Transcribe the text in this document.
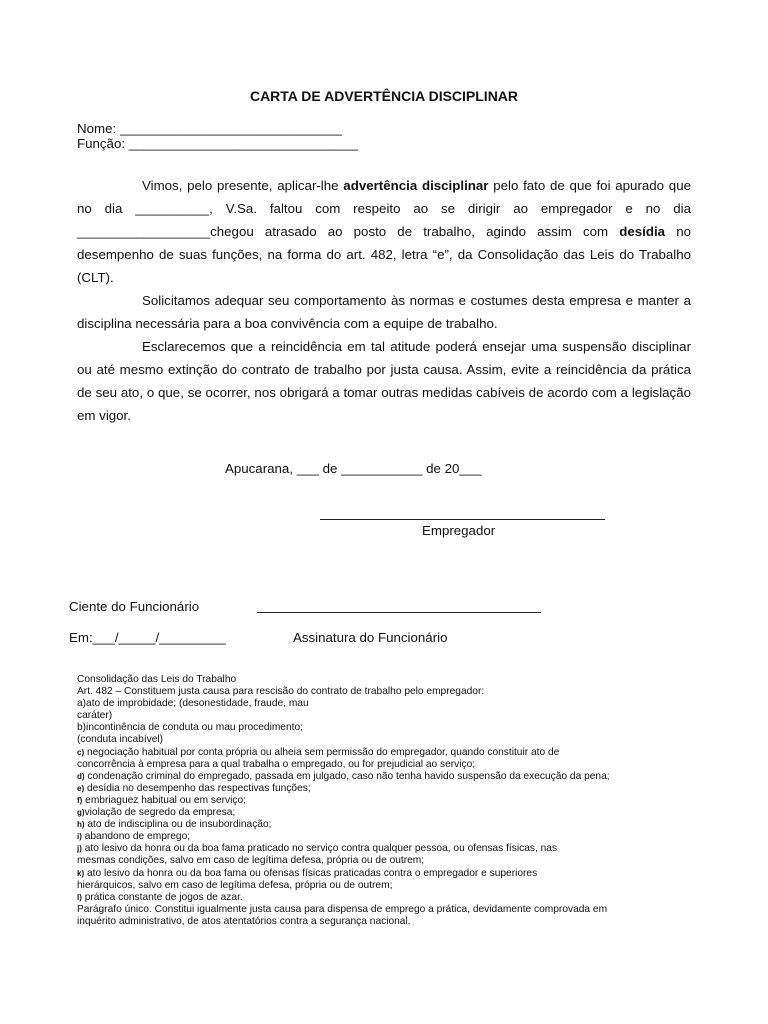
CARTA DE ADVERTÊNCIA DISCIPLINAR
Nome: ______________________________
Função: _______________________________

Vimos, pelo presente, aplicar-lhe advertência disciplinar pelo fato de que foi apurado que no dia __________, V.Sa. faltou com respeito ao se dirigir ao empregador e no dia __________________chegou atrasado ao posto de trabalho, agindo assim com desídia no desempenho de suas funções, na forma do art. 482, letra “e”, da Consolidação das Leis do Trabalho (CLT).

Solicitamos adequar seu comportamento às normas e costumes desta empresa e manter a disciplina necessária para a boa convivência com a equipe de trabalho.

Esclarecemos que a reincidência em tal atitude poderá ensejar uma suspensão disciplinar ou até mesmo extinção do contrato de trabalho por justa causa. Assim, evite a reincidência da prática de seu ato, o que, se ocorrer, nos obrigará a tomar outras medidas cabíveis de acordo com a legislação em vigor.

Apucarana, ___ de ___________ de 20___
Empregador
Ciente do Funcionário
Em:___/_____/_________	Assinatura do Funcionário
Consolidação das Leis do Trabalho
Art. 482 – Constituem justa causa para rescisão do contrato de trabalho pelo empregador:
a)ato de improbidade; (desonestidade, fraude, mau
caráter)
b)incontinência de conduta ou mau procedimento;
(conduta incabível)
c) negociação habitual por conta própria ou alheia sem permissão do empregador, quando constituir ato de
concorrência à empresa para a qual trabalha o empregado, ou for prejudicial ao serviço;
d) condenação criminal do empregado, passada em julgado, caso não tenha havido suspensão da execução da pena;
e) desídia no desempenho das respectivas funções;
f) embriaguez habitual ou em serviço;
g)violação de segredo da empresa;
h) ato de indisciplina ou de insubordinação;
i) abandono de emprego;
j) ato lesivo da honra ou da boa fama praticado no serviço contra qualquer pessoa, ou ofensas físicas, nas
mesmas condições, salvo em caso de legítima defesa, própria ou de outrem;
k) ato lesivo da honra ou da boa fama ou ofensas físicas praticadas contra o empregador e superiores
hierárquicos, salvo em caso de legítima defesa, própria ou de outrem;
l) prática constante de jogos de azar.
Parágrafo único. Constitui igualmente justa causa para dispensa de emprego a prática, devidamente comprovada em
inquérito administrativo, de atos atentatórios contra a segurança nacional.
